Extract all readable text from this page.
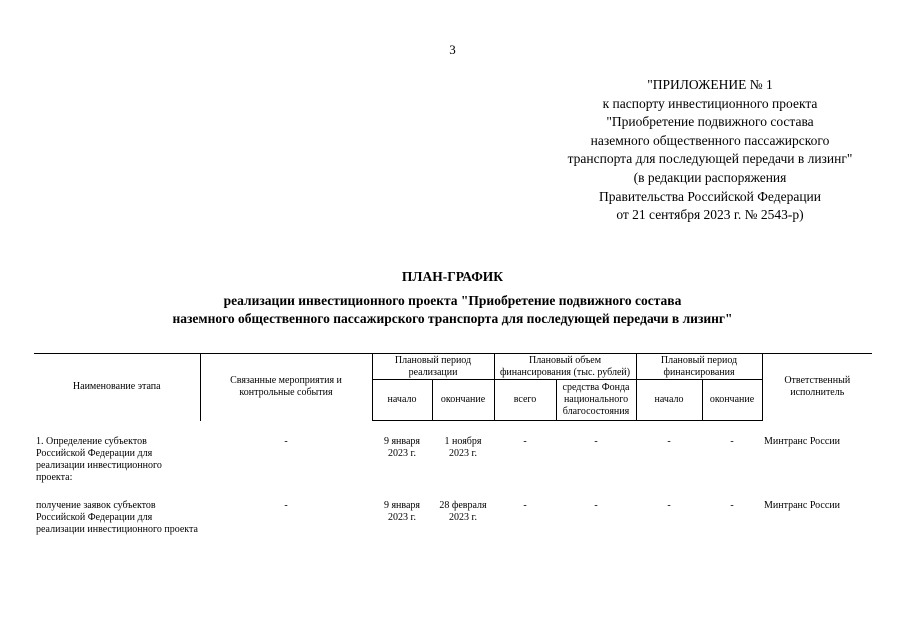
3
"ПРИЛОЖЕНИЕ № 1
к паспорту инвестиционного проекта
"Приобретение подвижного состава
наземного общественного пассажирского
транспорта для последующей передачи в лизинг"
(в редакции распоряжения
Правительства Российской Федерации
от 21 сентября 2023 г. № 2543-р)
ПЛАН-ГРАФИК
реализации инвестиционного проекта "Приобретение подвижного состава
наземного общественного пассажирского транспорта для последующей передачи в лизинг"
Наименование этапа	Связанные мероприятия и контрольные события	Плановый период реализации		Плановый объем финансирования (тыс. рублей)		Плановый период финансирования		Ответственный исполнитель
		начало	окончание	всего	средства Фонда национального благосостояния	начало	окончание	
1. Определение субъектов Российской Федерации для реализации инвестиционного проекта:	-	9 января 2023 г.	1 ноября 2023 г.	-	-	-	-	Минтранс России
получение заявок субъектов Российской Федерации для реализации инвестиционного проекта	-	9 января 2023 г.	28 февраля 2023 г.	-	-	-	-	Минтранс России
